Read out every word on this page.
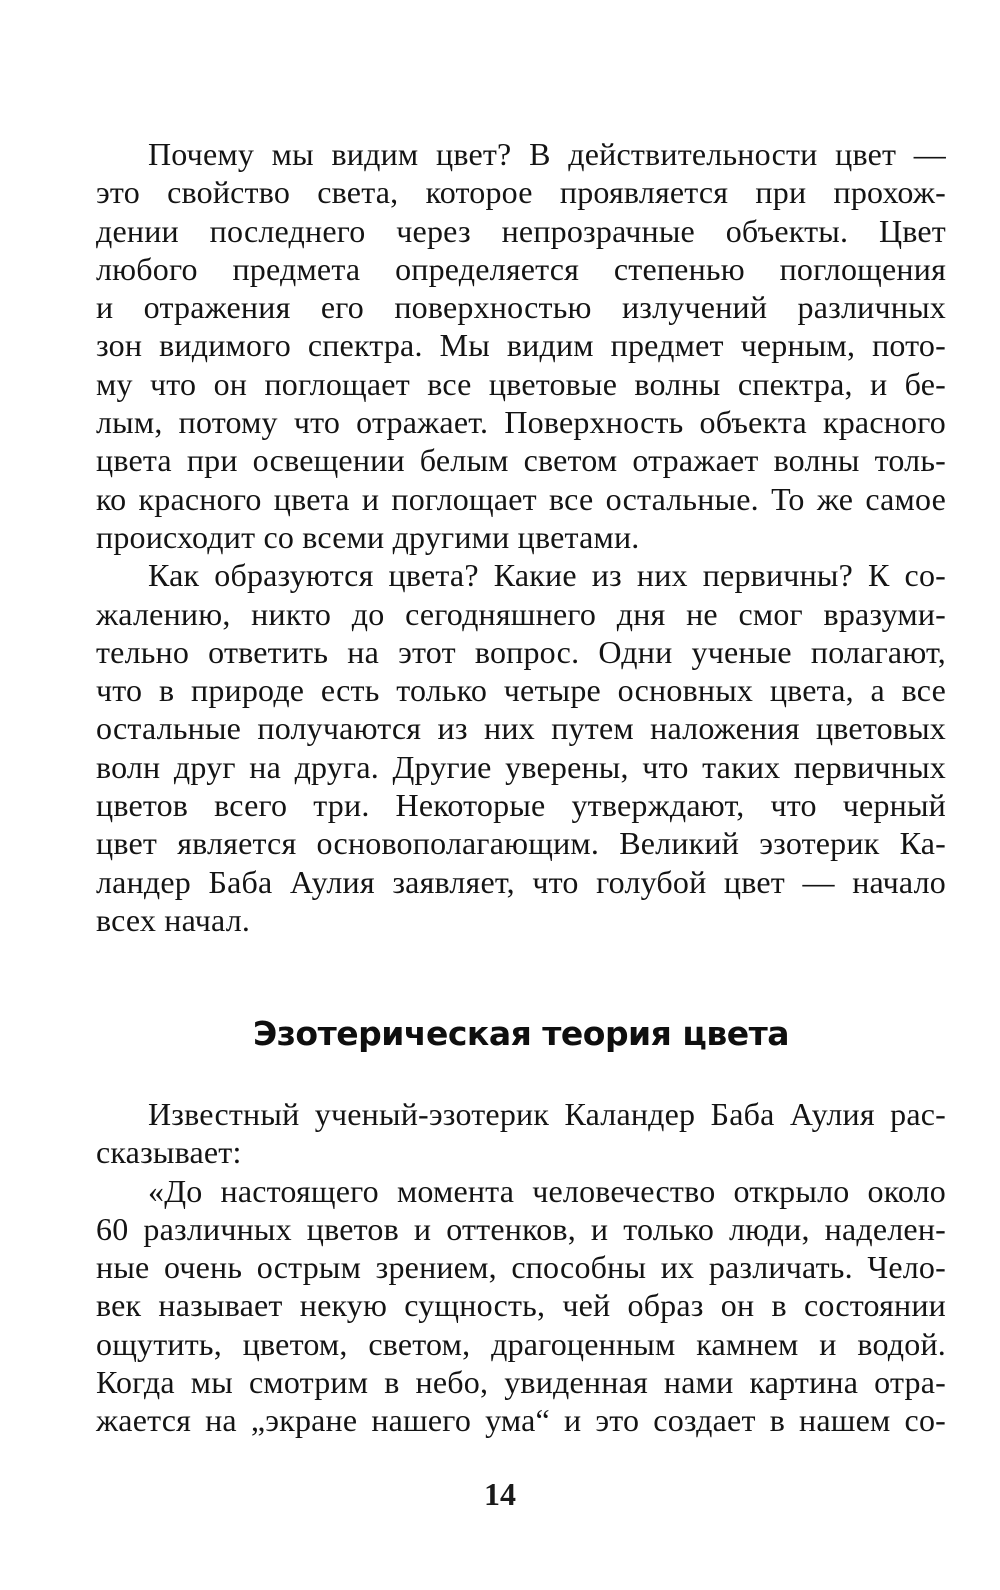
Почему мы видим цвет? В действительности цвет —
это свойство света, которое проявляется при прохож-
дении последнего через непрозрачные объекты. Цвет
любого предмета определяется степенью поглощения
и отражения его поверхностью излучений различных
зон видимого спектра. Мы видим предмет черным, пото-
му что он поглощает все цветовые волны спектра, и бе-
лым, потому что отражает. Поверхность объекта красного
цвета при освещении белым светом отражает волны толь-
ко красного цвета и поглощает все остальные. То же самое
происходит со всеми другими цветами.
Как образуются цвета? Какие из них первичны? К со-
жалению, никто до сегодняшнего дня не смог вразуми-
тельно ответить на этот вопрос. Одни ученые полагают,
что в природе есть только четыре основных цвета, а все
остальные получаются из них путем наложения цветовых
волн друг на друга. Другие уверены, что таких первичных
цветов всего три. Некоторые утверждают, что черный
цвет является основополагающим. Великий эзотерик Ка-
ландер Баба Аулия заявляет, что голубой цвет — начало
всех начал.
Эзотерическая теория цвета
Известный ученый-эзотерик Каландер Баба Аулия рас-
сказывает:
«До настоящего момента человечество открыло около
60 различных цветов и оттенков, и только люди, наделен-
ные очень острым зрением, способны их различать. Чело-
век называет некую сущность, чей образ он в состоянии
ощутить, цветом, светом, драгоценным камнем и водой.
Когда мы смотрим в небо, увиденная нами картина отра-
жается на „экране нашего ума“ и это создает в нашем со-
14
